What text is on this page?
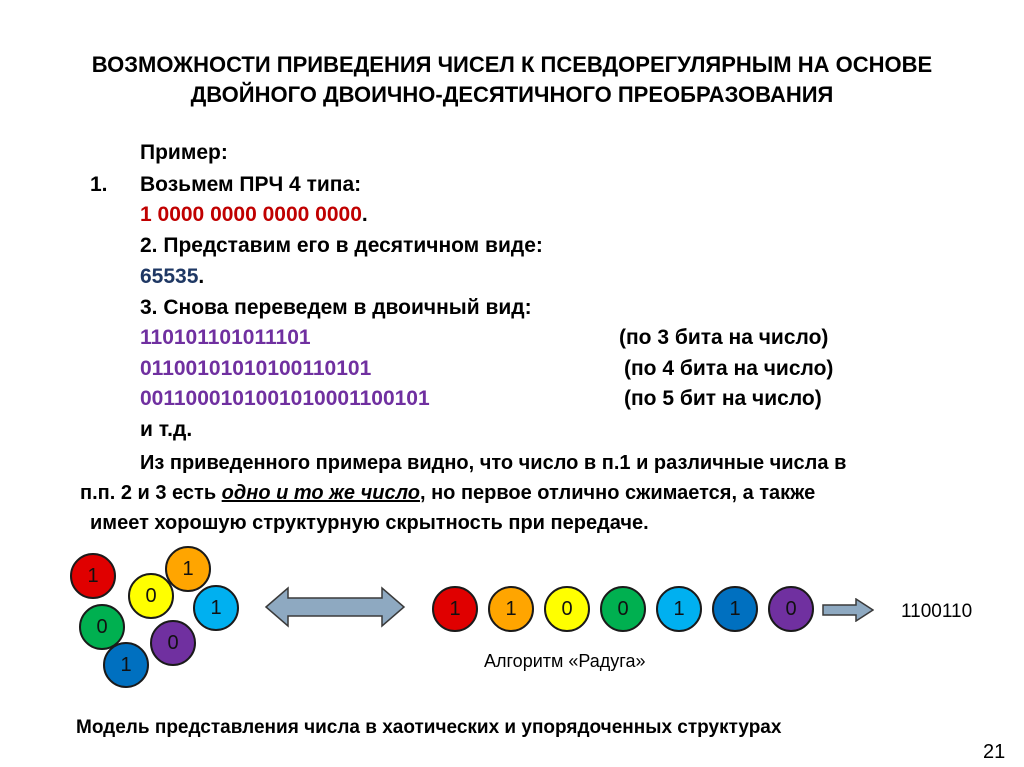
ВОЗМОЖНОСТИ ПРИВЕДЕНИЯ ЧИСЕЛ К ПСЕВДОРЕГУЛЯРНЫМ НА ОСНОВЕ
ДВОЙНОГО ДВОИЧНО-ДЕСЯТИЧНОГО ПРЕОБРАЗОВАНИЯ
Пример:
1. Возьмем ПРЧ 4 типа:
1 0000 0000 0000 0000.
2. Представим его в десятичном виде:
65535.
3. Снова переведем в двоичный вид:
110101101011101	(по 3 бита на число)
0110010101010011010​1	(по 4 бита на число)
0011000101001010001100101	(по 5 бит на число)
и т.д.
Из приведенного примера видно, что число в п.1 и различные числа в
п.п. 2 и 3 есть одно и то же число, но первое отлично сжимается, а также
имеет хорошую структурную скрытность при передаче.
1
0
1
1
0
0
1
1 1 0 0 1 1 0	1100110
Алгоритм «Радуга»
Модель представления числа в хаотических и упорядоченных структурах
21
